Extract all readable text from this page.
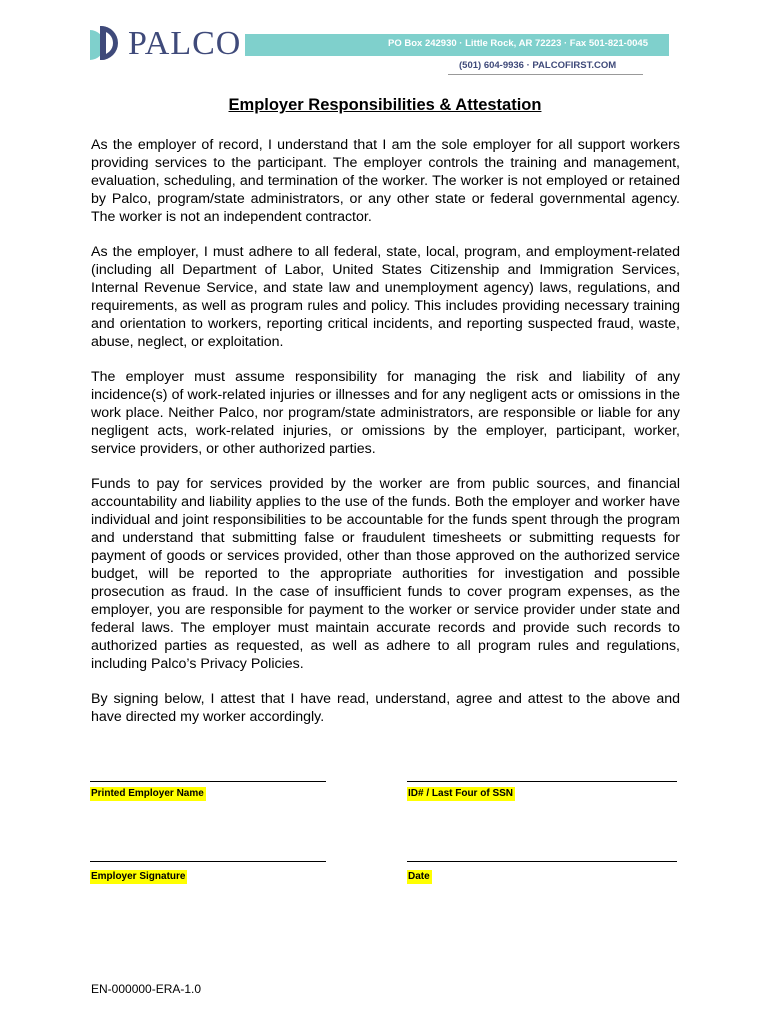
PALCO	PO Box 242930 · Little Rock, AR 72223 · Fax 501-821-0045
(501) 604-9936 · PALCOFIRST.COM
Employer Responsibilities & Attestation

As the employer of record, I understand that I am the sole employer for all support workers providing services to the participant. The employer controls the training and management, evaluation, scheduling, and termination of the worker. The worker is not employed or retained by Palco, program/state administrators, or any other state or federal governmental agency. The worker is not an independent contractor.

As the employer, I must adhere to all federal, state, local, program, and employment-related (including all Department of Labor, United States Citizenship and Immigration Services, Internal Revenue Service, and state law and unemployment agency) laws, regulations, and requirements, as well as program rules and policy. This includes providing necessary training and orientation to workers, reporting critical incidents, and reporting suspected fraud, waste, abuse, neglect, or exploitation.

The employer must assume responsibility for managing the risk and liability of any incidence(s) of work-related injuries or illnesses and for any negligent acts or omissions in the work place. Neither Palco, nor program/state administrators, are responsible or liable for any negligent acts, work-related injuries, or omissions by the employer, participant, worker, service providers, or other authorized parties.

Funds to pay for services provided by the worker are from public sources, and financial accountability and liability applies to the use of the funds. Both the employer and worker have individual and joint responsibilities to be accountable for the funds spent through the program and understand that submitting false or fraudulent timesheets or submitting requests for payment of goods or services provided, other than those approved on the authorized service budget, will be reported to the appropriate authorities for investigation and possible prosecution as fraud. In the case of insufficient funds to cover program expenses, as the employer, you are responsible for payment to the worker or service provider under state and federal laws. The employer must maintain accurate records and provide such records to authorized parties as requested, as well as adhere to all program rules and regulations, including Palco’s Privacy Policies.

By signing below, I attest that I have read, understand, agree and attest to the above and have directed my worker accordingly.

Printed Employer Name	ID# / Last Four of SSN
Employer Signature	Date
EN-000000-ERA-1.0
